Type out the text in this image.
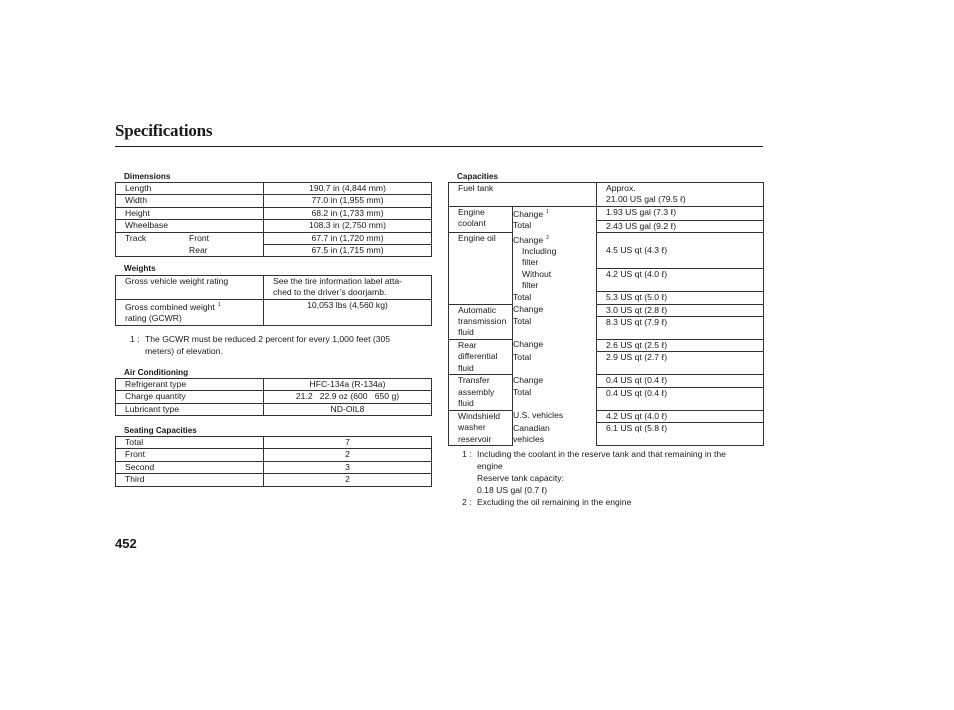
Specifications
Dimensions
Length	190.7 in (4,844 mm)
Width	77.0 in (1,955 mm)
Height	68.2 in (1,733 mm)
Wheelbase	108.3 in (2,750 mm)
Track Front	67.7 in (1,720 mm)
Rear	67.5 in (1,715 mm)
Weights
Gross vehicle weight rating	See the tire information label atta-
ched to the driver’s doorjamb.

Gross combined weight $^1$
rating (GCWR)	10,053 lbs (4,560 kg)
1 : The GCWR must be reduced 2 percent for every 1,000 feet (305
meters) of elevation.
Air Conditioning
Refrigerant type	HFC-134a (R-134a)
Charge quantity	21.2   22.9 oz (600   650 g)
Lubricant type	ND-OIL8
Seating Capacities
Total	7
Front	2
Second	3
Third	2
Capacities
Fuel tank		Approx.
21.00 US gal (79.5 ℓ)

Engine
coolant	Change $^1$	1.93 US gal (7.3 ℓ)
	Total	2.43 US gal (9.2 ℓ)
Engine oil	Change $^2$
Including
filter	4.5 US qt (4.3 ℓ)

	Without
filter	4.2 US qt (4.0 ℓ)
	Total	5.3 US qt (5.0 ℓ)

Automatic
transmission
fluid	Change	3.0 US qt (2.8 ℓ)
	Total	8.3 US qt (7.9 ℓ)

Rear
differential
fluid	Change	2.6 US qt (2.5 ℓ)
	Total	2.9 US qt (2.7 ℓ)

Transfer
assembly
fluid	Change	0.4 US qt (0.4 ℓ)
	Total	0.4 US qt (0.4 ℓ)

Windshield
washer
reservoir	U.S. vehicles	4.2 US qt (4.0 ℓ)

	Canadian
vehicles	6.1 US qt (5.8 ℓ)
1 : Including the coolant in the reserve tank and that remaining in the
engine
Reserve tank capacity:
0.18 US gal (0.7 ℓ)
2 : Excluding the oil remaining in the engine
452
